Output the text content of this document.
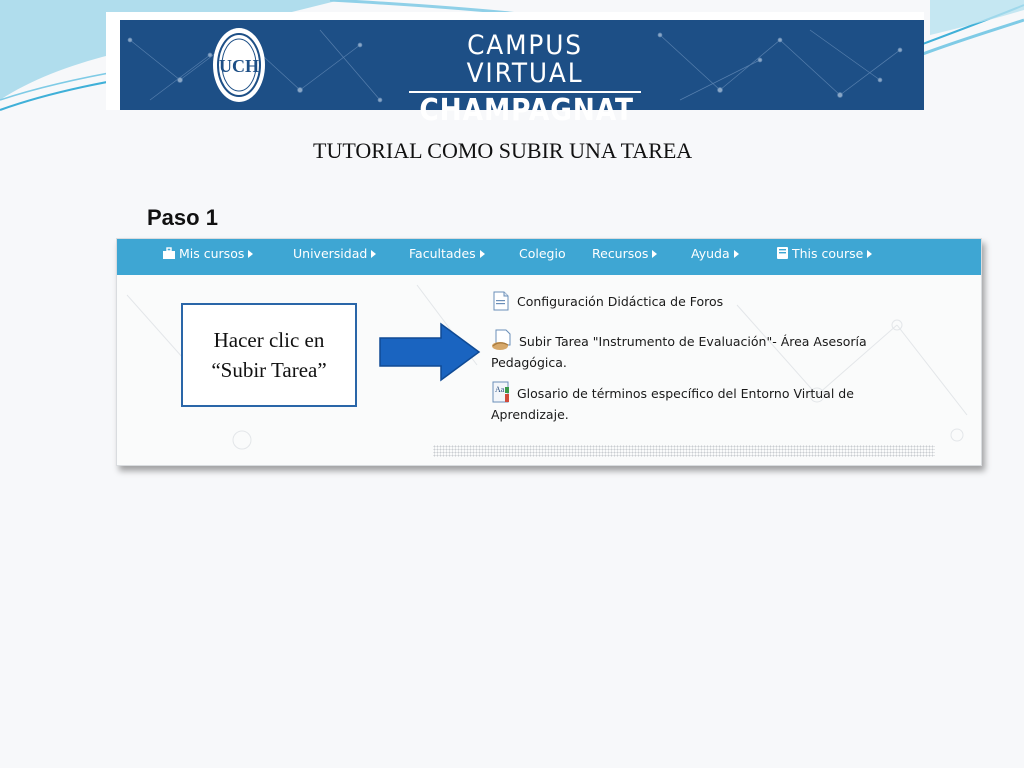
UCH
CAMPUS VIRTUAL
CHAMPAGNAT
TUTORIAL COMO SUBIR UNA TAREA
Paso 1
Mis cursos	Universidad	Facultades	Colegio Recursos	Ayuda	This course
Hacer clic en
“Subir Tarea”
Configuración Didáctica de Foros
Subir Tarea "Instrumento de Evaluación"- Área Asesoría Pedagógica.
Aa Glosario de términos específico del Entorno Virtual de Aprendizaje.
